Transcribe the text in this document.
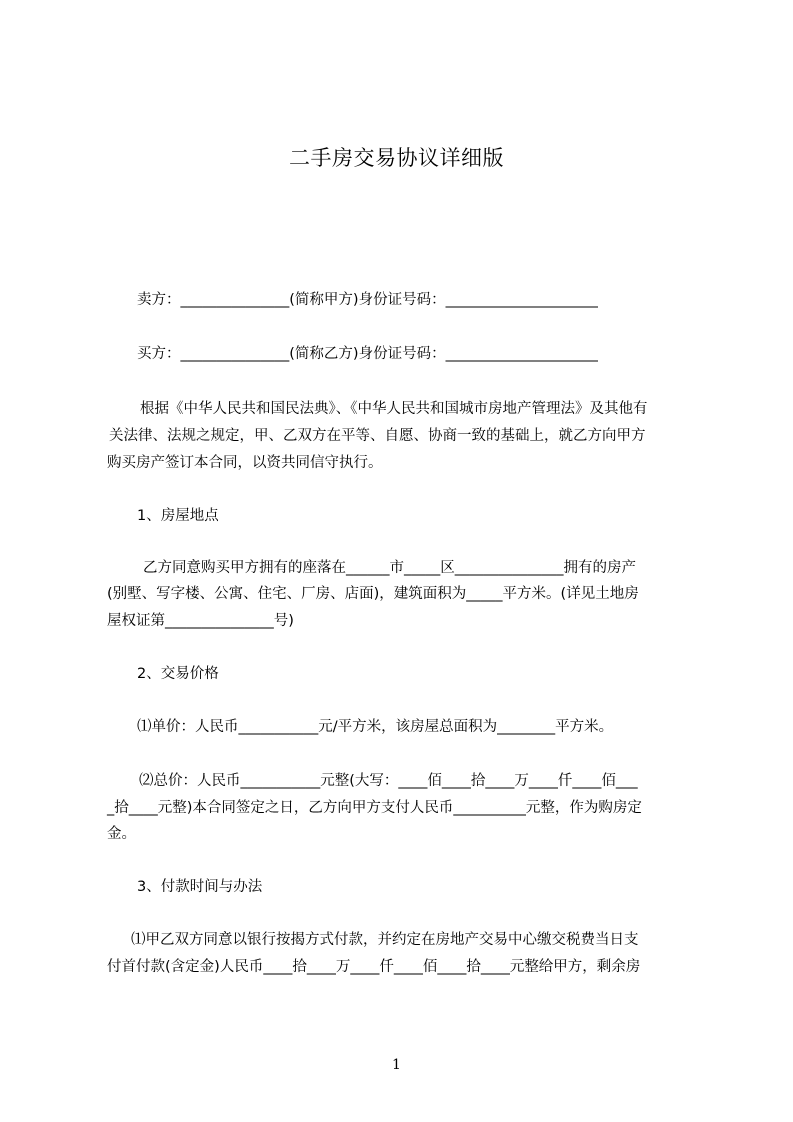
二手房交易协议详细版
卖方：_______________(简称甲方)身份证号码：_____________________
买方：_______________(简称乙方)身份证号码：_____________________
根据《中华人民共和国民法典》、《中华人民共和国城市房地产管理法》及其他有
关法律、法规之规定，甲、乙双方在平等、自愿、协商一致的基础上，就乙方向甲方
购买房产签订本合同，以资共同信守执行。
1、房屋地点
乙方同意购买甲方拥有的座落在______市_____区_______________拥有的房产
(别墅、写字楼、公寓、住宅、厂房、店面)，建筑面积为_____平方米。(详见土地房
屋权证第_______________号)
2、交易价格
⑴单价：人民币___________元/平方米，该房屋总面积为________平方米。
⑵总价：人民币___________元整(大写：____佰____拾____万____仟____佰___
_拾____元整)本合同签定之日，乙方向甲方支付人民币__________元整，作为购房定
金。
3、付款时间与办法
⑴甲乙双方同意以银行按揭方式付款，并约定在房地产交易中心缴交税费当日支
付首付款(含定金)人民币____拾____万____仟____佰____拾____元整给甲方，剩余房
1
